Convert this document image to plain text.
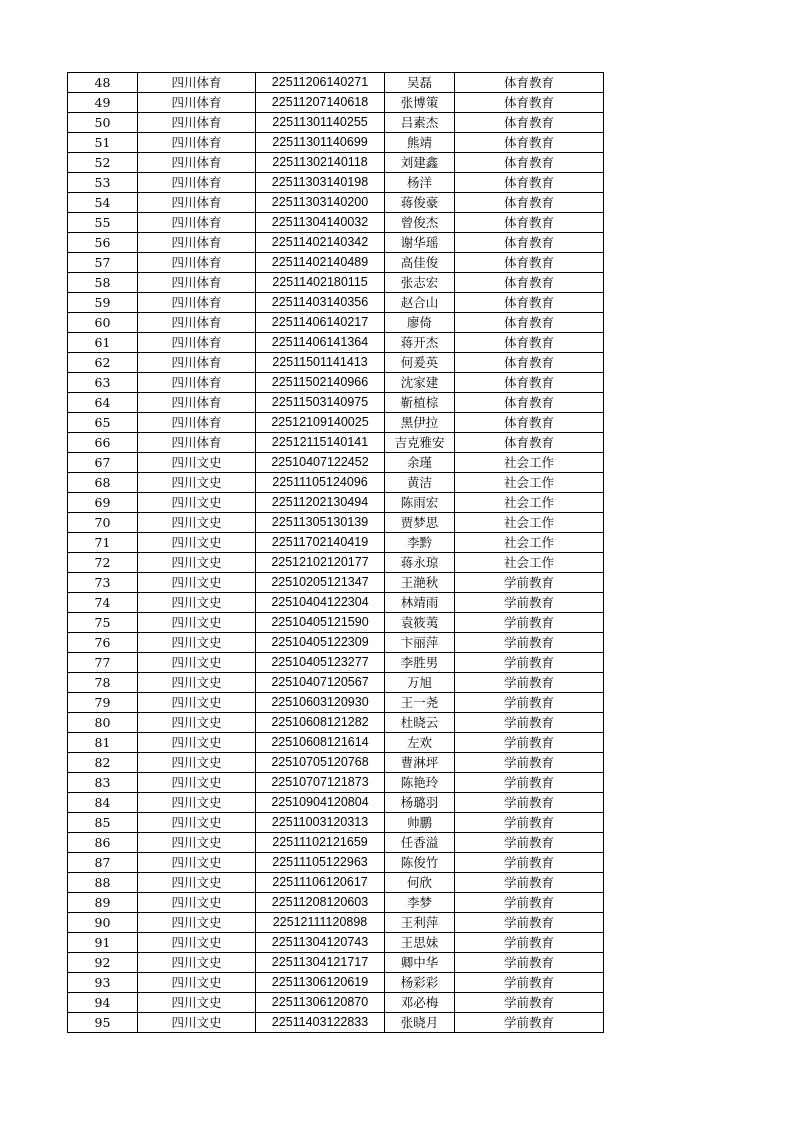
48	四川体育	22511206140271	吴磊	体育教育
49	四川体育	22511207140618	张博策	体育教育
50	四川体育	22511301140255	吕素杰	体育教育
51	四川体育	22511301140699	熊靖	体育教育
52	四川体育	22511302140118	刘建鑫	体育教育
53	四川体育	22511303140198	杨洋	体育教育
54	四川体育	22511303140200	蒋俊豪	体育教育
55	四川体育	22511304140032	曾俊杰	体育教育
56	四川体育	22511402140342	谢华瑶	体育教育
57	四川体育	22511402140489	高佳俊	体育教育
58	四川体育	22511402180115	张志宏	体育教育
59	四川体育	22511403140356	赵合山	体育教育
60	四川体育	22511406140217	廖倚	体育教育
61	四川体育	22511406141364	蒋开杰	体育教育
62	四川体育	22511501141413	何爰英	体育教育
63	四川体育	22511502140966	沈家建	体育教育
64	四川体育	22511503140975	靳植棕	体育教育
65	四川体育	22512109140025	黑伊拉	体育教育
66	四川体育	22512115140141	吉克雅安	体育教育
67	四川文史	22510407122452	余瑾	社会工作
68	四川文史	22511105124096	黄洁	社会工作
69	四川文史	22511202130494	陈雨宏	社会工作
70	四川文史	22511305130139	贾梦思	社会工作
71	四川文史	22511702140419	李黔	社会工作
72	四川文史	22512102120177	蒋永琼	社会工作
73	四川文史	22510205121347	王滟秋	学前教育
74	四川文史	22510404122304	林靖雨	学前教育
75	四川文史	22510405121590	袁筱荑	学前教育
76	四川文史	22510405122309	卞丽萍	学前教育
77	四川文史	22510405123277	李胜男	学前教育
78	四川文史	22510407120567	万旭	学前教育
79	四川文史	22510603120930	王一尧	学前教育
80	四川文史	22510608121282	杜晓云	学前教育
81	四川文史	22510608121614	左欢	学前教育
82	四川文史	22510705120768	曹淋坪	学前教育
83	四川文史	22510707121873	陈艳玲	学前教育
84	四川文史	22510904120804	杨璐羽	学前教育
85	四川文史	22511003120313	帅鹏	学前教育
86	四川文史	22511102121659	任香溢	学前教育
87	四川文史	22511105122963	陈俊竹	学前教育
88	四川文史	22511106120617	何欣	学前教育
89	四川文史	22511208120603	李梦	学前教育
90	四川文史	22512111120898	王利萍	学前教育
91	四川文史	22511304120743	王思妹	学前教育
92	四川文史	22511304121717	卿中华	学前教育
93	四川文史	22511306120619	杨彩彩	学前教育
94	四川文史	22511306120870	邓必梅	学前教育
95	四川文史	22511403122833	张晓月	学前教育
